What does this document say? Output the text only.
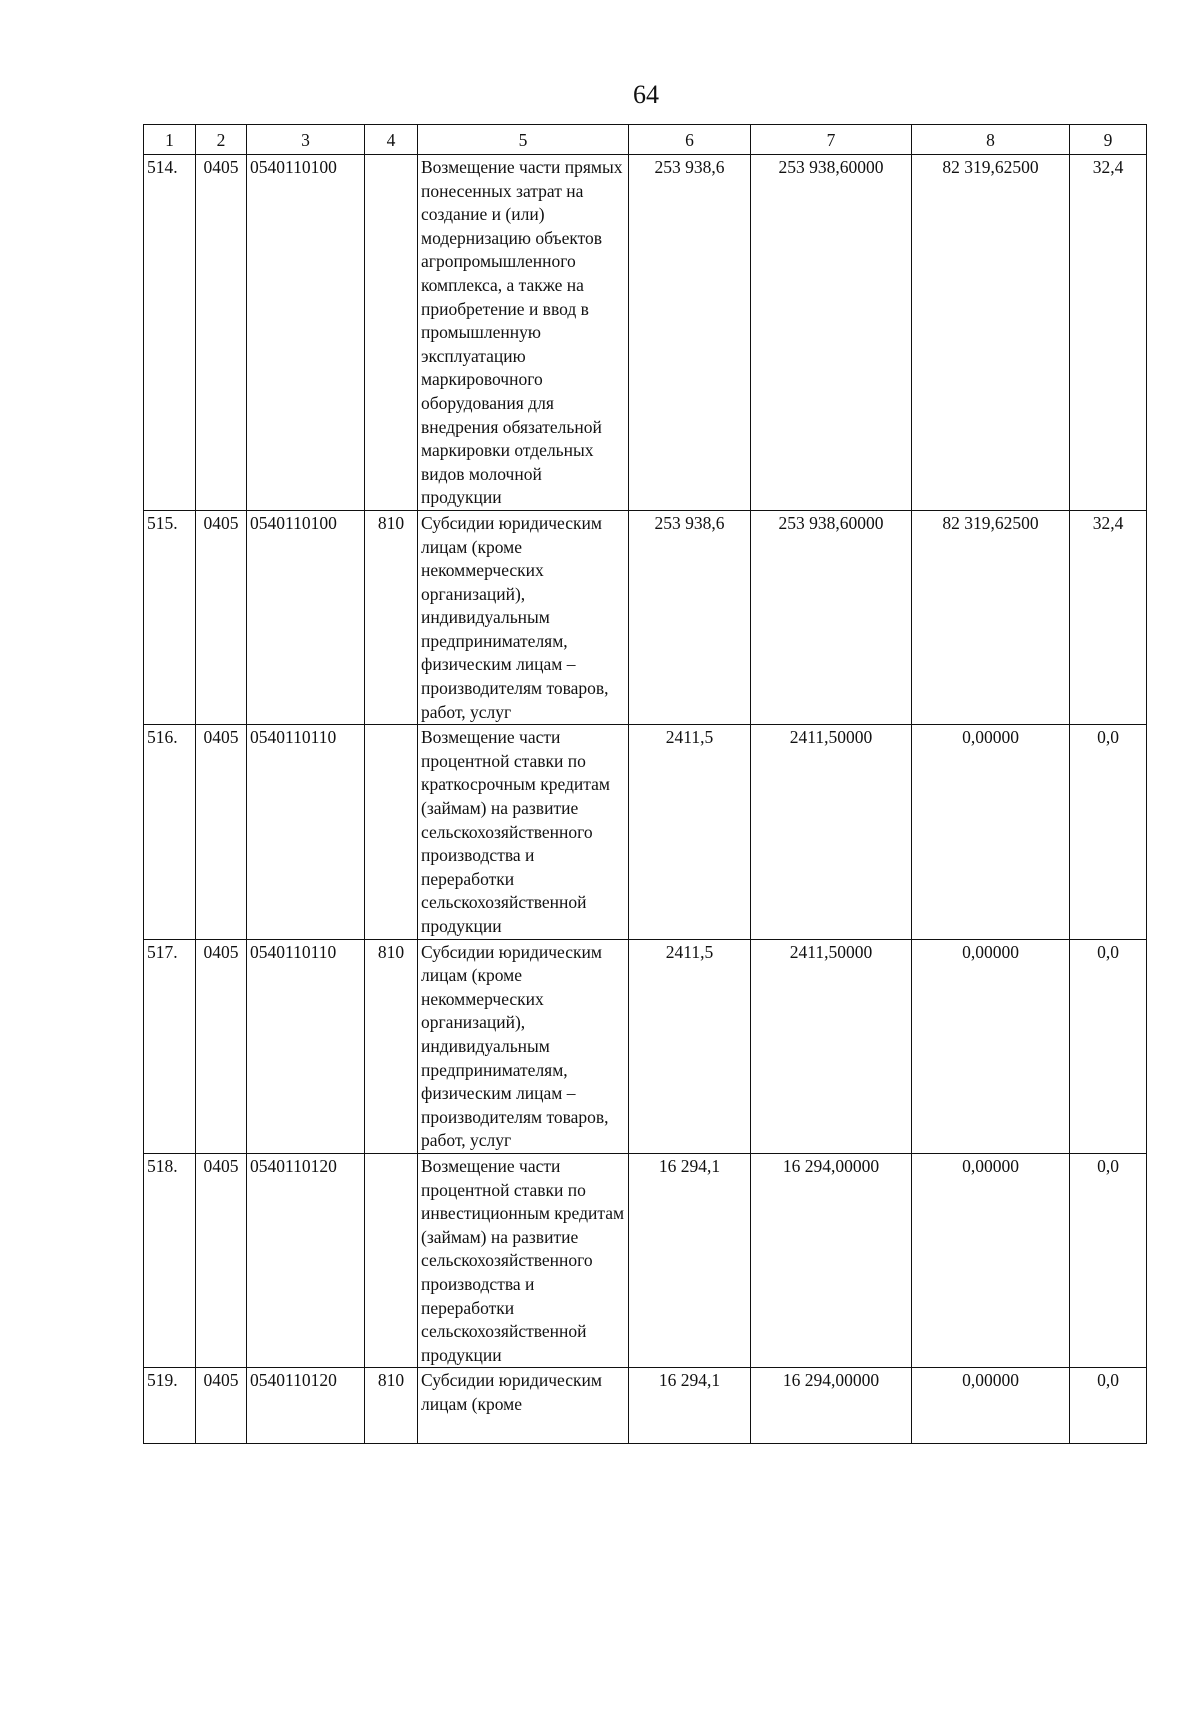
64
1	2	3	4	5	6	7	8	9
514.	0405	0540110100		Возмещение части прямых понесенных затрат на создание и (или) модернизацию объектов агропромышленного комплекса, а также на приобретение и ввод в промышленную эксплуатацию маркировочного оборудования для внедрения обязательной маркировки отдельных видов молочной продукции	253 938,6	253 938,60000	82 319,62500	32,4
515.	0405	0540110100	810	Субсидии юридическим лицам (кроме некоммерческих организаций), индивидуальным предпринимателям, физическим лицам – производителям товаров, работ, услуг	253 938,6	253 938,60000	82 319,62500	32,4
516.	0405	0540110110		Возмещение части процентной ставки по краткосрочным кредитам (займам) на развитие сельскохозяйственного производства и переработки сельскохозяйственной продукции	2411,5	2411,50000	0,00000	0,0
517.	0405	0540110110	810	Субсидии юридическим лицам (кроме некоммерческих организаций), индивидуальным предпринимателям, физическим лицам – производителям товаров, работ, услуг	2411,5	2411,50000	0,00000	0,0
518.	0405	0540110120		Возмещение части процентной ставки по инвестиционным кредитам (займам) на развитие сельскохозяйственного производства и переработки сельскохозяйственной продукции	16 294,1	16 294,00000	0,00000	0,0
519.	0405	0540110120	810	Субсидии юридическим лицам (кроме	16 294,1	16 294,00000	0,00000	0,0
